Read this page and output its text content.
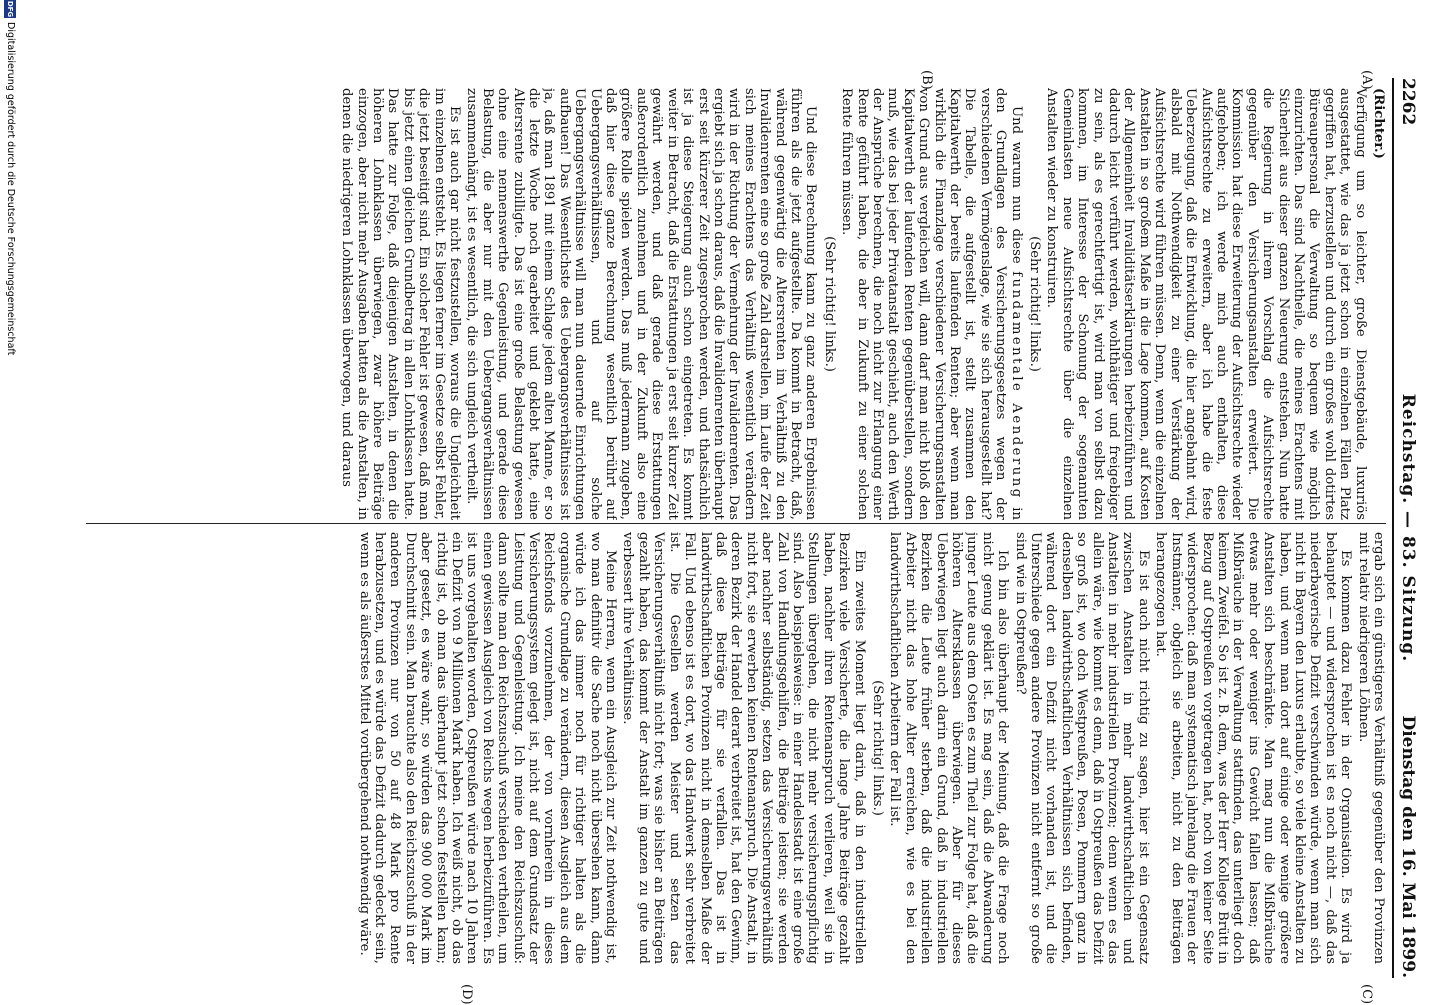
2262
Reichstag. — 83. Sitzung.
Dienstag den 16. Mai 1899.
(A)
(B)
(C)
(D)

(Richter.)

Verfügung um so leichter, große Dienstgebäude, luxuriös ausgestattet, wie das ja jetzt schon in einzelnen Fällen Platz gegriffen hat, herzustellen und durch ein großes wohl dotirtes Büreaupersonal die Verwaltung so bequem wie möglich einzurichten. Das sind Nachtheile, die meines Erachtens mit Sicherheit aus dieser ganzen Neuerung entstehen. Nun hatte die Regierung in ihrem Vorschlag die Aufsichtsrechte gegenüber den Versicherungsanstalten erweitert. Die Kommission hat diese Erweiterung der Aufsichtsrechte wieder aufgehoben; ich werde mich auch enthalten, diese Aufsichtsrechte zu erweitern, aber ich habe die feste Ueberzeugung, daß die Entwicklung, die hier angebahnt wird, alsbald mit Nothwendigkeit zu einer Verstärkung der Aufsichtsrechte wird führen müssen. Denn, wenn die einzelnen Anstalten in so großem Maße in die Lage kommen, auf Kosten der Allgemeinheit Invaliditätserklärungen herbeizuführen und dadurch leicht verführt werden, wohlthätiger und freigebiger zu sein, als es gerechtfertigt ist, wird man von selbst dazu kommen, im Interesse der Schonung der sogenannten Gemeinlasten neue Aufsichtsrechte über die einzelnen Anstalten wieder zu konstruiren.

(Sehr richtig! links.)

Und warum nun diese fundamentale Aenderung in den Grundlagen des Versicherungsgesetzes wegen der verschiedenen Vermögenslage, wie sie sich herausgestellt hat? Die Tabelle, die aufgestellt ist, stellt zusammen den Kapitalwerth der bereits laufenden Renten; aber wenn man wirklich die Finanzlage verschiedener Versicherungsanstalten von Grund aus vergleichen will, dann darf man nicht bloß den Kapitalwerth der laufenden Renten gegenüberstellen, sondern muß, wie das bei jeder Privatanstalt geschieht, auch den Werth der Ansprüche berechnen, die noch nicht zur Erlangung einer Rente geführt haben, die aber in Zukunft zu einer solchen Rente führen müssen.

(Sehr richtig! links.)

Und diese Berechnung kann zu ganz anderen Ergebnissen führen als die jetzt aufgestellte. Da kommt in Betracht, daß, während gegenwärtig die Altersrenten im Verhältniß zu den Invalidenrenten eine so große Zahl darstellen, im Laufe der Zeit sich meines Erachtens das Verhältniß wesentlich verändern wird in der Richtung der Vermehrung der Invalidenrenten. Das ergiebt sich ja schon daraus, daß die Invalidenrenten überhaupt erst seit kürzerer Zeit zugesprochen werden, und thatsächlich ist ja diese Steigerung auch schon eingetreten. Es kommt weiter in Betracht, daß die Erstattungen ja erst seit kurzer Zeit gewährt werden, und daß gerade diese Erstattungen außerordentlich zunehmen und in der Zukunft also eine größere Rolle spielen werden. Das muß jedermann zugeben, daß hier diese ganze Berechnung wesentlich berührt auf Uebergangsverhältnissen, und auf solche Uebergangsverhältnisse will man nun dauernde Einrichtungen aufbauen! Das Wesentlichste des Uebergangsverhältnisses ist ja, daß man 1891 mit einem Schlage jedem alten Manne, er so die letzte Woche noch gearbeitet und geklebt hatte, eine Altersrente zubilligte. Das ist eine große Belastung gewesen ohne eine nennenswerthe Gegenleistung, und gerade diese Belastung, die aber nur mit den Uebergangsverhältnissen zusammenhängt, ist es wesentlich, die sich ungleich vertheilt.

Es ist auch gar nicht festzustellen, woraus die Ungleichheit im einzelnen entsteht. Es liegen ferner im Gesetze selbst Fehler, die jetzt beseitigt sind. Ein solcher Fehler ist gewesen, daß man bis jetzt einen gleichen Grundbetrag in allen Lohnklassen hatte. Das hatte zur Folge, daß diejenigen Anstalten, in denen die höheren Lohnklassen überwiegen, zwar höhere Beiträge einzogen, aber nicht mehr Ausgaben hatten als die Anstalten, in denen die niedrigeren Lohnklassen überwogen, und daraus

ergab sich ein günstigeres Verhältniß gegenüber den Provinzen mit relativ niedrigeren Löhnen.

Es kommen dazu Fehler in der Organisation. Es wird ja behauptet — und widersprochen ist es noch nicht —, daß das niederbayerische Defizit verschwinden würde, wenn man sich nicht in Bayern den Luxus erlaubte, so viele kleine Anstalten zu haben, und wenn man dort auf einige oder wenige größere Anstalten sich beschränkte. Man mag nun die Mißbräuche etwas mehr oder weniger ins Gewicht fallen lassen; daß Mißbräuche in der Verwaltung stattfinden, das unterliegt doch keinem Zweifel. So ist z. B. dem, was der Herr Kollege Brütt in Bezug auf Ostpreußen vorgetragen hat, noch von keiner Seite widersprochen: daß man systematisch jahrelang die Frauen der Instmänner, obgleich sie arbeiten, nicht zu den Beiträgen herangezogen hat.

Es ist auch nicht richtig zu sagen, hier ist ein Gegensatz zwischen Anstalten in mehr landwirthschaftlichen und Anstalten in mehr industriellen Provinzen; denn wenn es das allein wäre, wie kommt es denn, daß in Ostpreußen das Defizit so groß ist, wo doch Westpreußen, Posen, Pommern ganz in denselben landwirthschaftlichen Verhältnissen sich befinden, während dort ein Defizit nicht vorhanden ist, und die Unterschiede gegen andere Provinzen nicht entfernt so große sind wie in Ostpreußen?

Ich bin also überhaupt der Meinung, daß die Frage noch nicht genug geklärt ist. Es mag sein, daß die Abwanderung junger Leute aus dem Osten es zum Theil zur Folge hat, daß die höheren Altersklassen überwiegen. Aber für dieses Ueberwiegen liegt auch darin ein Grund, daß in industriellen Bezirken die Leute früher sterben, daß die industriellen Arbeiter nicht das hohe Alter erreichen, wie es bei den landwirthschaftlichen Arbeitern der Fall ist.

(Sehr richtig! links.)

Ein zweites Moment liegt darin, daß in den industriellen Bezirken viele Versicherte, die lange Jahre Beiträge gezahlt haben, nachher ihren Rentenanspruch verlieren, weil sie in Stellungen übergehen, die nicht mehr versicherungspflichtig sind. Also beispielsweise: in einer Handelsstadt ist eine große Zahl von Handlungsgehilfen, die Beiträge leisten; sie werden aber nachher selbständig, setzen das Versicherungsverhältniß nicht fort, sie erwerben keinen Rentenanspruch. Die Anstalt, in deren Bezirk der Handel derart verbreitet ist, hat den Gewinn, daß diese Beiträge für sie verfallen. Das ist in landwirthschaftlichen Provinzen nicht in demselben Maße der Fall. Und ebenso ist es dort, wo das Handwerk sehr verbreitet ist. Die Gesellen werden Meister und setzen das Versicherungsverhältniß nicht fort; was sie bisher an Beiträgen gezahlt haben, das kommt der Anstalt im ganzen zu gute und verbessert ihre Verhältnisse.

Meine Herren, wenn ein Ausgleich zur Zeit nothwendig ist, wo man definitiv die Sache noch nicht übersehen kann, dann würde ich das immer noch für richtiger halten als die organische Grundlage zu verändern, diesen Ausgleich aus dem Reichsfonds vorzunehmen, der von vornherein in dieses Versicherungssystem gelegt ist, nicht auf dem Grundsatz der Leistung und Gegenleistung. Ich meine den Reichszuschuß: dann sollte man den Reichszuschuß verschieden vertheilen, um einen gewissen Ausgleich von Reichs wegen herbeizuführen. Es ist uns vorgehalten worden, Ostpreußen würde nach 10 Jahren ein Defizit von 9 Millionen Mark haben. Ich weiß nicht, ob das richtig ist, ob man das überhaupt jetzt schon feststellen kann; aber gesetzt, es wäre wahr, so würden das 900 000 Mark im Durchschnitt sein. Man brauchte also den Reichszuschuß in der anderen Provinzen nur von 50 auf 48 Mark pro Rente herabzusetzen, und es würde das Defizit dadurch gedeckt sein, wenn es als äußerstes Mittel vorübergehend nothwendig wäre.

DFG
Digitalisierung gefördert durch die Deutsche Forschungsgemeinschaft
